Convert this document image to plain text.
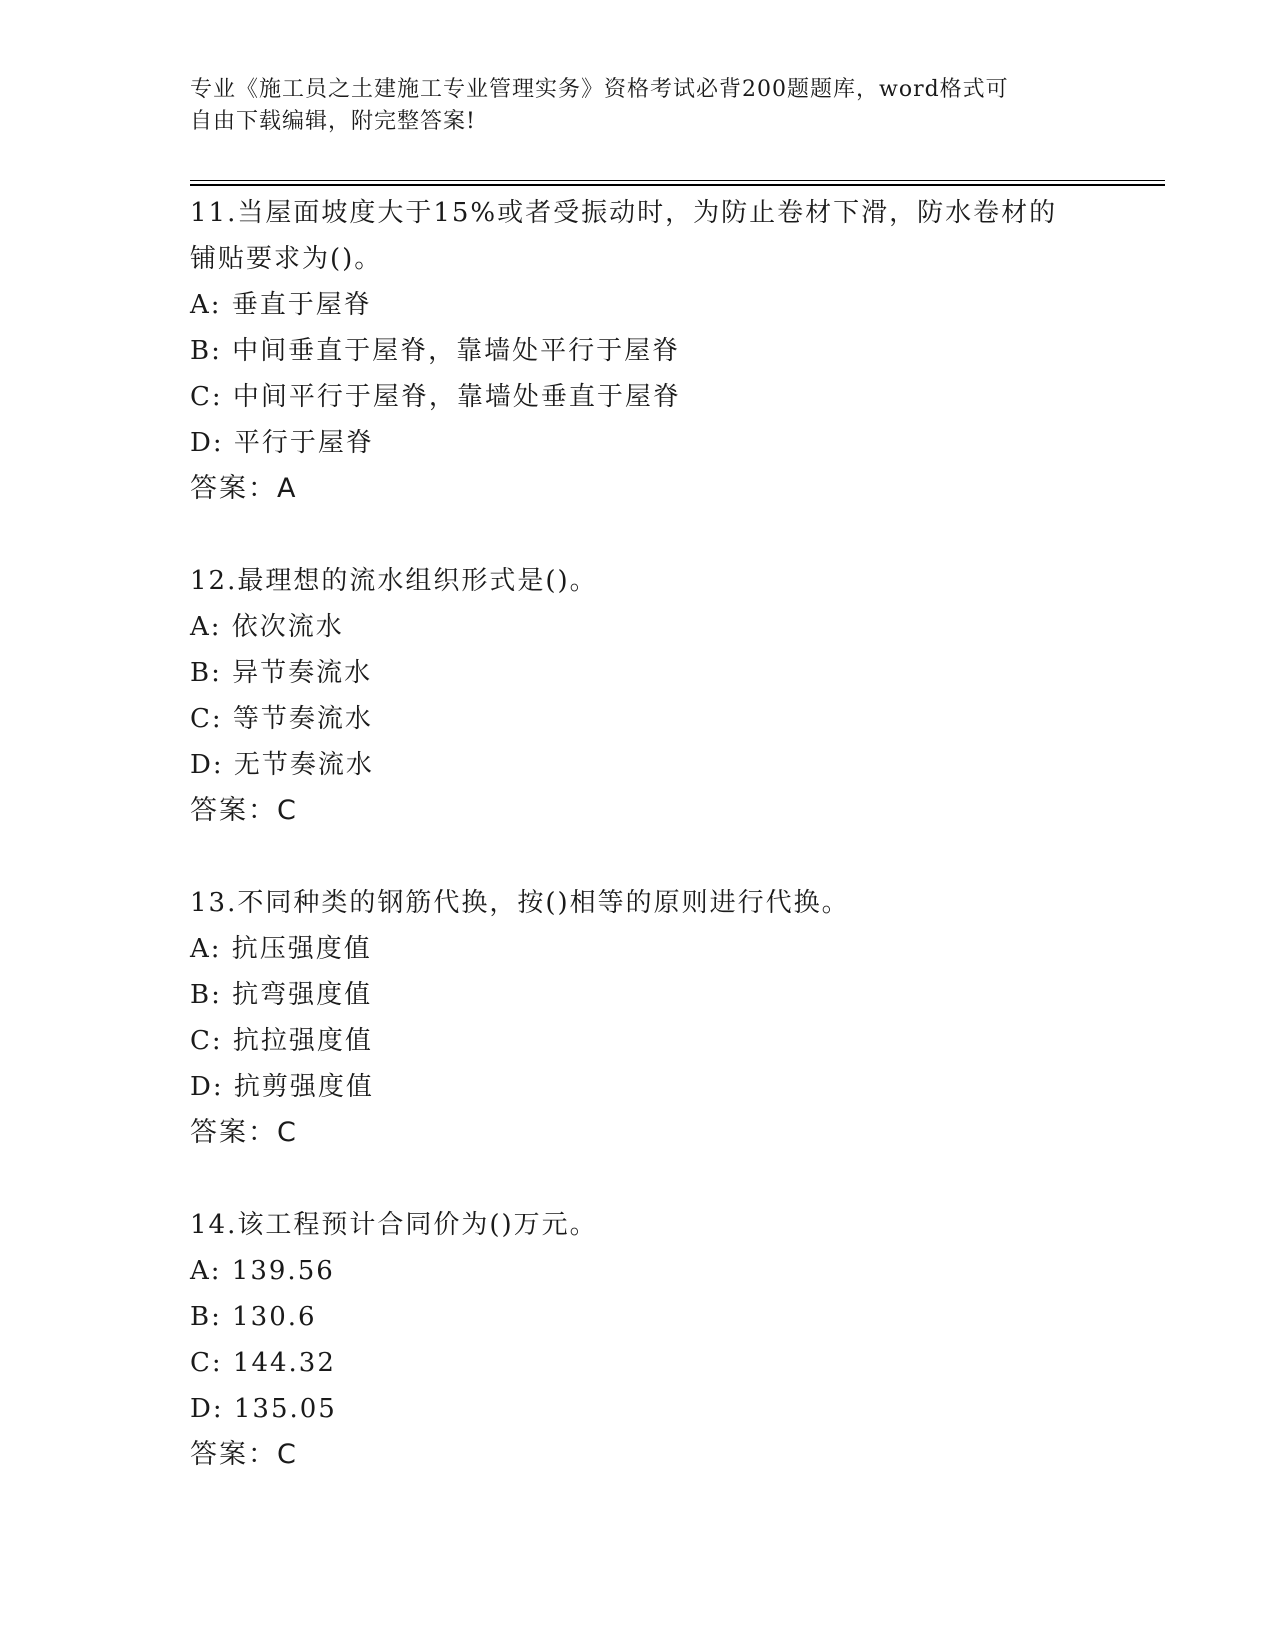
专业《施工员之土建施工专业管理实务》资格考试必背200题题库，word格式可
自由下载编辑，附完整答案!
11.当屋面坡度大于15%或者受振动时，为防止卷材下滑，防水卷材的
铺贴要求为()。
A: 垂直于屋脊
B: 中间垂直于屋脊，靠墙处平行于屋脊
C: 中间平行于屋脊，靠墙处垂直于屋脊
D: 平行于屋脊
答案：A
12.最理想的流水组织形式是()。
A: 依次流水
B: 异节奏流水
C: 等节奏流水
D: 无节奏流水
答案：C
13.不同种类的钢筋代换，按()相等的原则进行代换。
A: 抗压强度值
B: 抗弯强度值
C: 抗拉强度值
D: 抗剪强度值
答案：C
14.该工程预计合同价为()万元。
A: 139.56
B: 130.6
C: 144.32
D: 135.05
答案：C
